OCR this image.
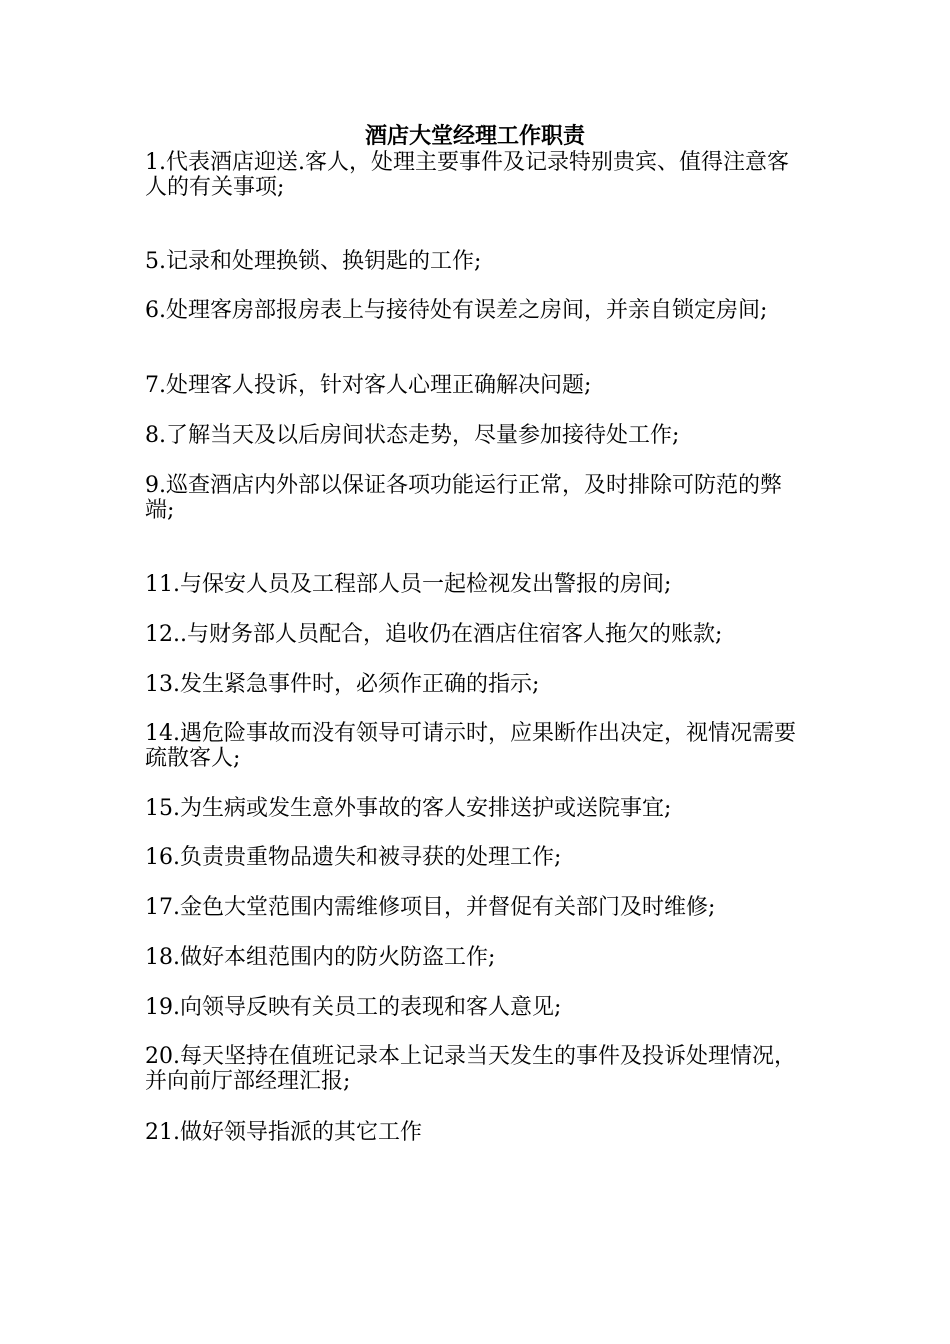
酒店大堂经理工作职责

1.代表酒店迎送.客人，处理主要事件及记录特别贵宾、值得注意客人的有关事项;

5.记录和处理换锁、换钥匙的工作;

6.处理客房部报房表上与接待处有误差之房间，并亲自锁定房间;

7.处理客人投诉，针对客人心理正确解决问题;

8.了解当天及以后房间状态走势，尽量参加接待处工作;

9.巡查酒店内外部以保证各项功能运行正常，及时排除可防范的弊端;

11.与保安人员及工程部人员一起检视发出警报的房间;

12..与财务部人员配合，追收仍在酒店住宿客人拖欠的账款;

13.发生紧急事件时，必须作正确的指示;

14.遇危险事故而没有领导可请示时，应果断作出决定，视情况需要疏散客人;

15.为生病或发生意外事故的客人安排送护或送院事宜;

16.负责贵重物品遗失和被寻获的处理工作;

17.金色大堂范围内需维修项目，并督促有关部门及时维修;

18.做好本组范围内的防火防盗工作;

19.向领导反映有关员工的表现和客人意见;

20.每天坚持在值班记录本上记录当天发生的事件及投诉处理情况，并向前厅部经理汇报;

21.做好领导指派的其它工作
